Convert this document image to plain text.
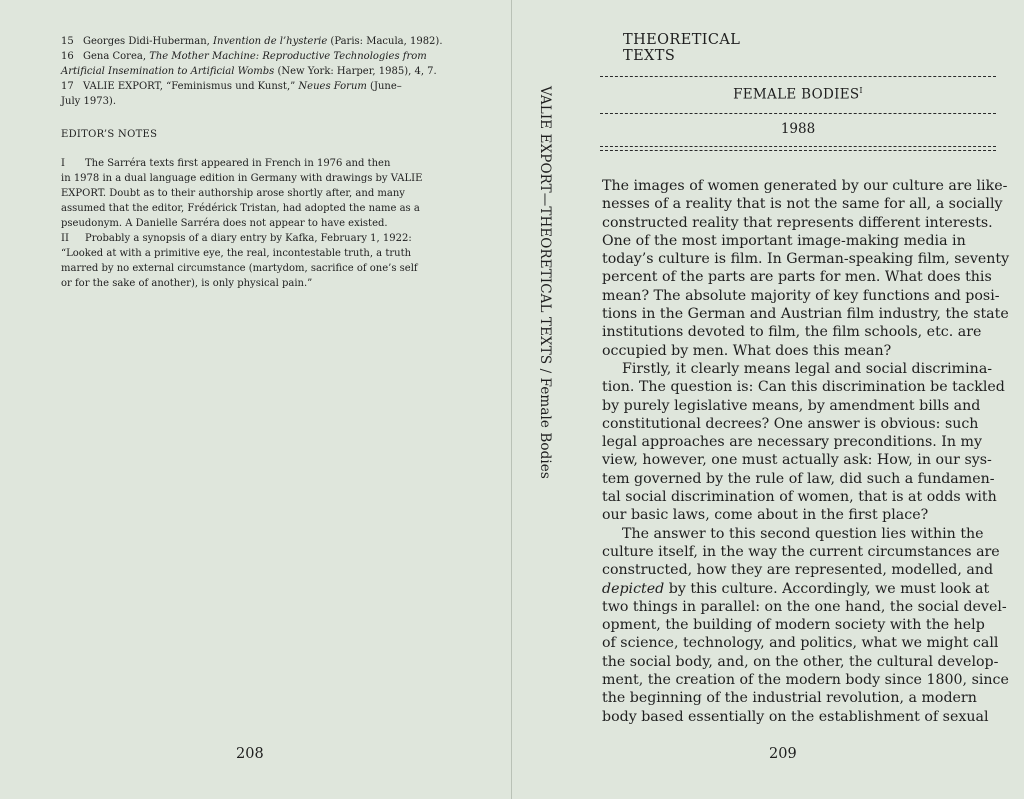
15 Georges Didi-Huberman, Invention de l’hysterie (Paris: Macula, 1982).

16 Gena Corea, The Mother Machine: Reproductive Technologies from
Artificial Insemination to Artificial Wombs (New York: Harper, 1985), 4, 7.

17 VALIE EXPORT, “Feminismus und Kunst,” Neues Forum (June–
July 1973).

EDITOR’S NOTES

I The Sarréra texts first appeared in French in 1976 and then
in 1978 in a dual language edition in Germany with drawings by VALIE
EXPORT. Doubt as to their authorship arose shortly after, and many
assumed that the editor, Frédérick Tristan, had adopted the name as a
pseudonym. A Danielle Sarréra does not appear to have existed.

II Probably a synopsis of a diary entry by Kafka, February 1, 1922:
“Looked at with a primitive eye, the real, incontestable truth, a truth
marred by no external circumstance (martydom, sacrifice of one’s self
or for the sake of another), is only physical pain.”

208
VALIE EXPORT—THEORETICAL TEXTS / Female Bodies
THEORETICAL TEXTS
FEMALE $BODIES^I$
1988
The images of women generated by our culture are like-
nesses of a reality that is not the same for all, a socially
constructed reality that represents different interests.
One of the most important image-making media in
today’s culture is film. In German-speaking film, seventy
percent of the parts are parts for men. What does this
mean? The absolute majority of key functions and posi-
tions in the German and Austrian film industry, the state
institutions devoted to film, the film schools, etc. are
occupied by men. What does this mean?
Firstly, it clearly means legal and social discrimina-
tion. The question is: Can this discrimination be tackled
by purely legislative means, by amendment bills and
constitutional decrees? One answer is obvious: such
legal approaches are necessary preconditions. In my
view, however, one must actually ask: How, in our sys-
tem governed by the rule of law, did such a fundamen-
tal social discrimination of women, that is at odds with
our basic laws, come about in the first place?
The answer to this second question lies within the
culture itself, in the way the current circumstances are
constructed, how they are represented, modelled, and
depicted by this culture. Accordingly, we must look at
two things in parallel: on the one hand, the social devel-
opment, the building of modern society with the help
of science, technology, and politics, what we might call
the social body, and, on the other, the cultural develop-
ment, the creation of the modern body since 1800, since
the beginning of the industrial revolution, a modern
body based essentially on the establishment of sexual
209
